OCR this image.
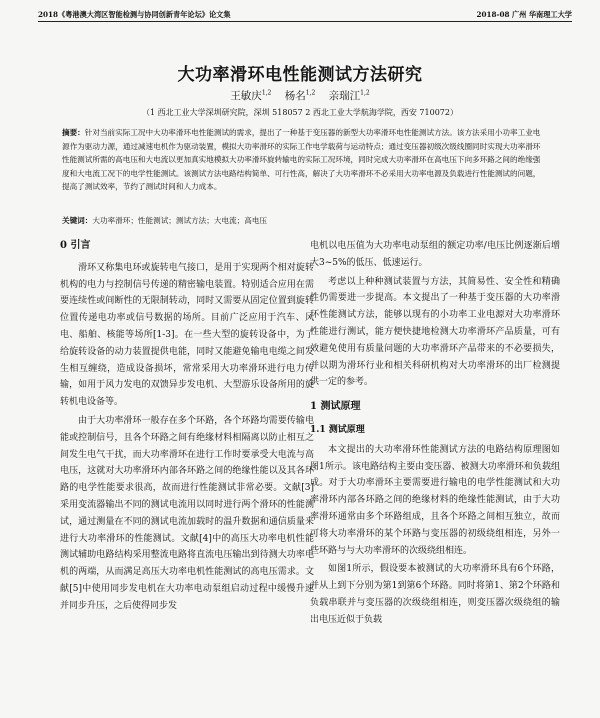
2018《粤港澳大湾区智能检测与协同创新青年论坛》论文集	2018-08 广州 华南理工大学
大功率滑环电性能测试方法研究
王敏庆$^{1,2}$ 杨名$^{1,2}$ 亲瑞江$^{1,2}$
（1 西北工业大学深圳研究院，深圳 518057 2 西北工业大学航海学院，西安 710072）
摘要：针对当前实际工况中大功率滑环电性能测试的需求，提出了一种基于变压器的新型大功率滑环电性能测试方法。该方法采用小功率工业电源作为驱动力源，通过减速电机作为驱动装置，模拟大功率滑环的实际工作电学载荷与运动特点；通过变压器初级次级线圈同时实现大功率滑环性能测试所需的高电压和大电流以更加真实地模拟大功率滑环旋转输电的实际工况环境，同时完成大功率滑环在高电压下向多环路之间的绝缘强度和大电流工况下的电学性能测试。该测试方法电路结构简单、可行性高，解决了大功率滑环不必采用大功率电源及负载进行性能测试的问题，提高了测试效率，节约了测试时间和人力成本。
关键词：大功率滑环；性能测试；测试方法；大电流；高电压
0 引言

滑环又称集电环或旋转电气接口，是用于实现两个相对旋转机构的电力与控制信号传递的精密输电装置。特别适合应用在需要连续性或间断性的无限制转动，同时又需要从固定位置到旋转位置传递电功率或信号数据的场所。目前广泛应用于汽车、风电、船舶、核能等场所[1-3]。在一些大型的旋转设备中，为了给旋转设备的动力装置提供电能，同时又能避免输电电缆之间发生相互缠绕，造成设备损坏，常常采用大功率滑环进行电力传输，如用于风力发电的双馈异步发电机、大型游乐设备所用的旋转机电设备等。

由于大功率滑环一般存在多个环路，各个环路均需要传输电能或控制信号，且各个环路之间有绝缘材料相隔离以防止相互之间发生电气干扰，而大功率滑环在进行工作时要承受大电流与高电压，这就对大功率滑环内部各环路之间的绝缘性能以及其各环路的电学性能要求很高，故而进行性能测试非常必要。文献[3]采用变流器输出不同的测试电流用以同时进行两个滑环的性能测试，通过测量在不同的测试电流加载时的温升数据和通信质量来进行大功率滑环的性能测试。文献[4]中的高压大功率电机性能测试辅助电路结构采用整流电路将直流电压输出到待测大功率电机的两端，从而满足高压大功率电机性能测试的高电压需求。文献[5]中使用同步发电机在大功率电动泵组启动过程中缓慢升速并同步升压，之后使得同步发

电机以电压值为大功率电动泵组的额定功率/电压比例逐渐后增大3~5%的低压、低速运行。

考虑以上种种测试装置与方法，其简易性、安全性和精确性仍需要进一步提高。本文提出了一种基于变压器的大功率滑环性能测试方法，能够以现有的小功率工业电源对大功率滑环性能进行测试，能方便快捷地检测大功率滑环产品质量，可有效避免使用有质量问题的大功率滑环产品带来的不必要损失，并以期为滑环行业和相关科研机构对大功率滑环的出厂检测提供一定的参考。

1 测试原理
1.1 测试原理

本文提出的大功率滑环性能测试方法的电路结构原理图如图1所示。该电路结构主要由变压器、被测大功率滑环和负载组成。对于大功率滑环主要需要进行输电的电学性能测试和大功率滑环内部各环路之间的绝缘材料的绝缘性能测试，由于大功率滑环通常由多个环路组成，且各个环路之间相互独立，故而可将大功率滑环的某个环路与变压器的初级绕组相连，另外一些环路与与大功率滑环的次级绕组相连。

如图1所示，假设要本被测试的大功率滑环具有6个环路，并从上到下分别为第1到第6个环路。同时将第1、第2个环路和负载串联并与变压器的次级绕组相连，则变压器次级绕组的输出电压近似于负载
